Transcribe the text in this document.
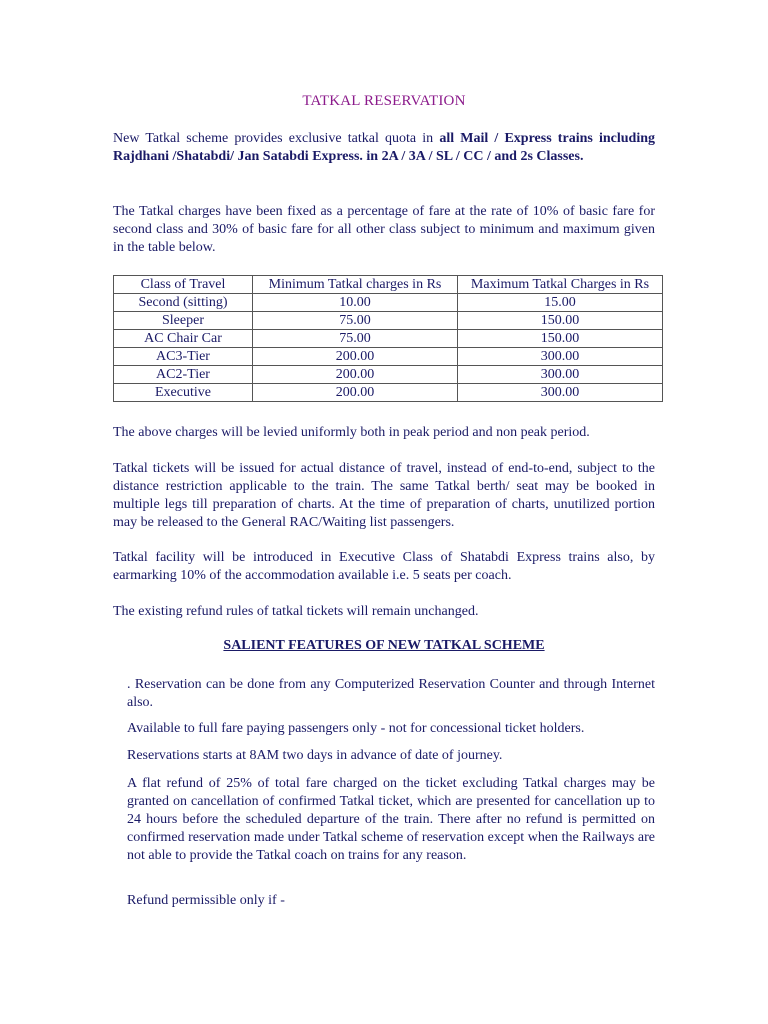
TATKAL RESERVATION

New Tatkal scheme provides exclusive tatkal quota in all Mail / Express trains including Rajdhani /Shatabdi/ Jan Satabdi Express. in 2A / 3A / SL / CC / and 2s Classes.

The Tatkal charges have been fixed as a percentage of fare at the rate of 10% of basic fare for second class and 30% of basic fare for all other class subject to minimum and maximum given in the table below.

Class of Travel	Minimum Tatkal charges in Rs	Maximum Tatkal Charges in Rs
Second (sitting)	10.00	15.00
Sleeper	75.00	150.00
AC Chair Car	75.00	150.00
AC3-Tier	200.00	300.00
AC2-Tier	200.00	300.00
Executive	200.00	300.00

The above charges will be levied uniformly both in peak period and non peak period.

Tatkal tickets will be issued for actual distance of travel, instead of end-to-end, subject to the distance restriction applicable to the train. The same Tatkal berth/ seat may be booked in multiple legs till preparation of charts. At the time of preparation of charts, unutilized portion may be released to the General RAC/Waiting list passengers.

Tatkal facility will be introduced in Executive Class of Shatabdi Express trains also, by earmarking 10% of the accommodation available i.e. 5 seats per coach.

The existing refund rules of tatkal tickets will remain unchanged.

SALIENT FEATURES OF NEW TATKAL SCHEME

. Reservation can be done from any Computerized Reservation Counter and through Internet also.

Available to full fare paying passengers only - not for concessional ticket holders.

Reservations starts at 8AM two days in advance of date of journey.

A flat refund of 25% of total fare charged on the ticket excluding Tatkal charges may be granted on cancellation of confirmed Tatkal ticket, which are presented for cancellation up to 24 hours before the scheduled departure of the train. There after no refund is permitted on confirmed reservation made under Tatkal scheme of reservation except when the Railways are not able to provide the Tatkal coach on trains for any reason.

Refund permissible only if -
